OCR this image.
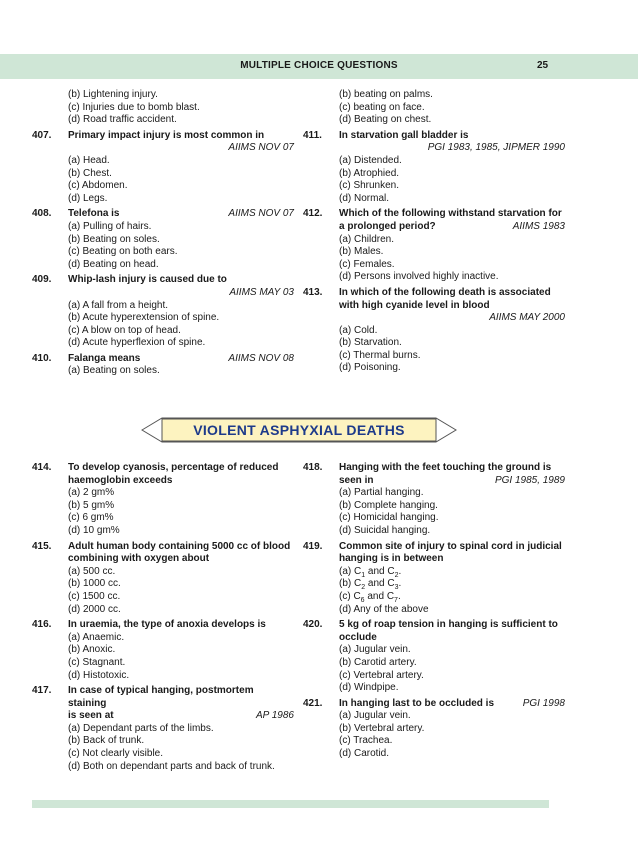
MULTIPLE CHOICE QUESTIONS	25
(b) Lightening injury.
(c) Injuries due to bomb blast.
(d) Road traffic accident.
407.	Primary impact injury is most common in
AIIMS NOV 07
(a) Head.
(b) Chest.
(c) Abdomen.
(d) Legs.
408.	AIIMS NOV 07
Telefona is
(a) Pulling of hairs.
(b) Beating on soles.
(c) Beating on both ears.
(d) Beating on head.
409.	Whip-lash injury is caused due to
AIIMS MAY 03
(a) A fall from a height.
(b) Acute hyperextension of spine.
(c) A blow on top of head.
(d) Acute hyperflexion of spine.
410.	AIIMS NOV 08
Falanga means
(a) Beating on soles.
(b) beating on palms.
(c) beating on face.
(d) Beating on chest.
411.	In starvation gall bladder is
PGI 1983, 1985, JIPMER 1990
(a) Distended.
(b) Atrophied.
(c) Shrunken.
(d) Normal.
412.	Which of the following withstand starvation for
AIIMS 1983
a prolonged period?
(a) Children.
(b) Males.
(c) Females.
(d) Persons involved highly inactive.
413.	In which of the following death is associated
with high cyanide level in blood
AIIMS MAY 2000
(a) Cold.
(b) Starvation.
(c) Thermal burns.
(d) Poisoning.
VIOLENT ASPHYXIAL DEATHS
414.	To develop cyanosis, percentage of reduced
haemoglobin exceeds
(a) 2 gm%
(b) 5 gm%
(c) 6 gm%
(d) 10 gm%
415.	Adult human body containing 5000 cc of blood
combining with oxygen about
(a) 500 cc.
(b) 1000 cc.
(c) 1500 cc.
(d) 2000 cc.
416.	In uraemia, the type of anoxia develops is
(a) Anaemic.
(b) Anoxic.
(c) Stagnant.
(d) Histotoxic.
417.	In case of typical hanging, postmortem staining
AP 1986
is seen at
(a) Dependant parts of the limbs.
(b) Back of trunk.
(c) Not clearly visible.
(d) Both on dependant parts and back of trunk.
418.	Hanging with the feet touching the ground is
PGI 1985, 1989
seen in
(a) Partial hanging.
(b) Complete hanging.
(c) Homicidal hanging.
(d) Suicidal hanging.
419.	Common site of injury to spinal cord in judicial
hanging is in between
(a) $C_1$ and $C_2$.
(b) $C_2$ and $C_3$.
(c) $C_6$ and $C_7$.
(d) Any of the above
420.	5 kg of roap tension in hanging is sufficient to
occlude
(a) Jugular vein.
(b) Carotid artery.
(c) Vertebral artery.
(d) Windpipe.
421.	PGI 1998
In hanging last to be occluded is
(a) Jugular vein.
(b) Vertebral artery.
(c) Trachea.
(d) Carotid.
